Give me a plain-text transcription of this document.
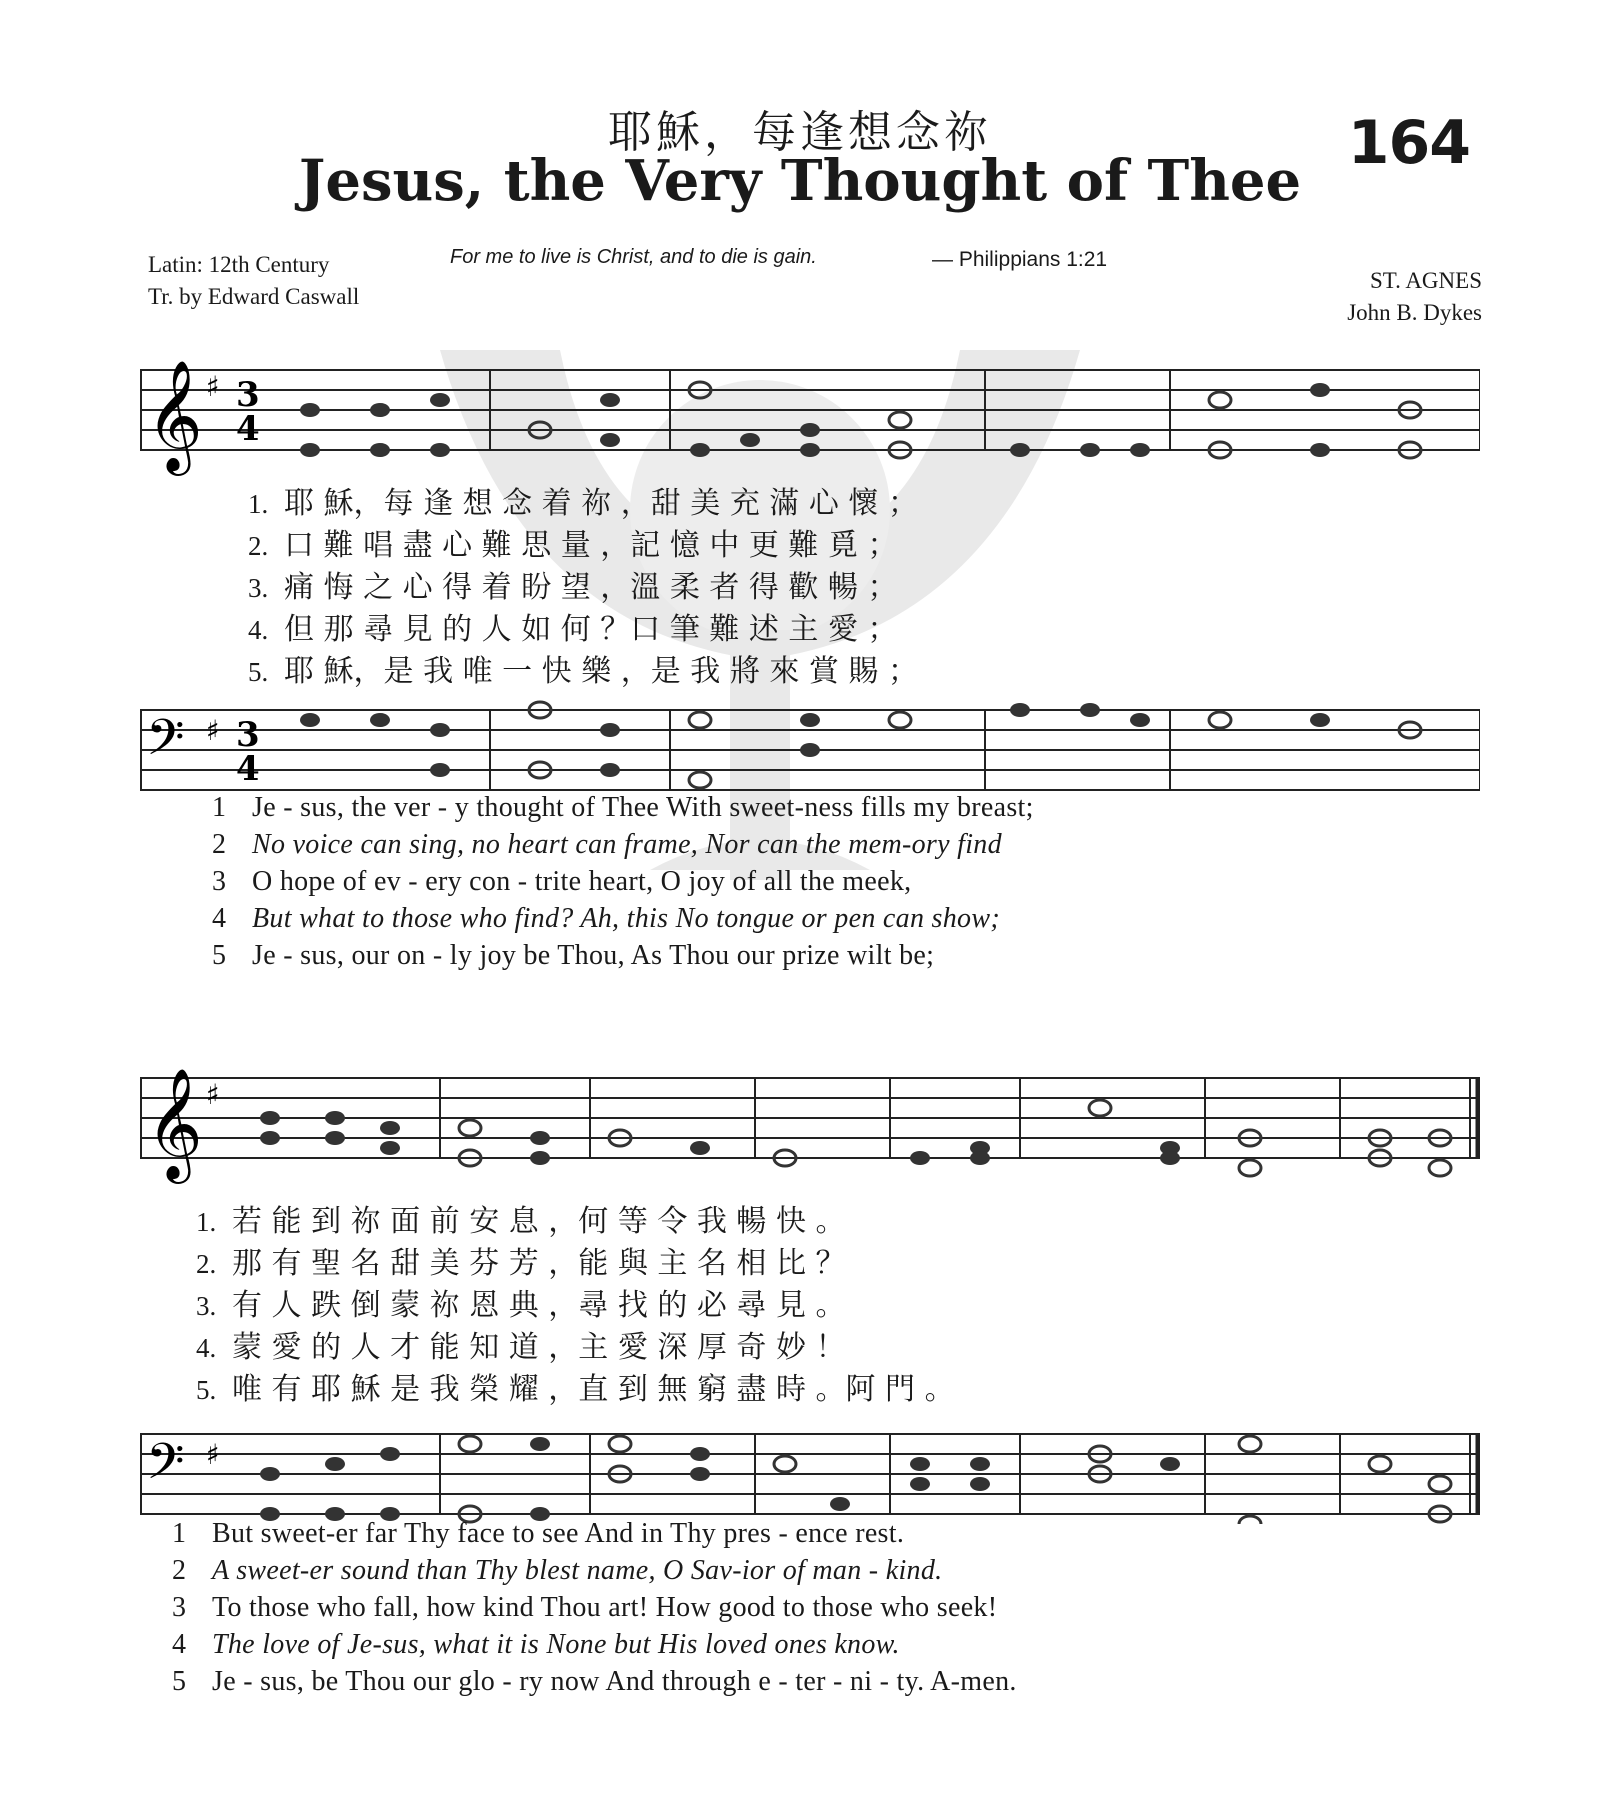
耶穌，每逢想念祢
Jesus, the Very Thought of Thee
164
Latin: 12th Century
Tr. by Edward Caswall
For me to live is Christ, and to die is gain.	— Philippians 1:21
ST. AGNES
John B. Dykes
𝄞 ♯ 3
4
1. 耶 穌，每 逢 想 念 着 祢 ，甜 美 充 滿 心 懷 ；
2. 口 難 唱 盡 心 難 思 量 ，記 憶 中 更 難 覓 ；
3. 痛 悔 之 心 得 着 盼 望 ，溫 柔 者 得 歡 暢 ；
4. 但 那 尋 見 的 人 如 何 ？口 筆 難 述 主 愛 ；
5. 耶 穌，是 我 唯 一 快 樂 ，是 我 將 來 賞 賜 ；
𝄢 ♯ 3
4
1 Je - sus, the ver - y thought of Thee With sweet-ness fills my breast;
2 No voice can sing, no heart can frame, Nor can the mem-ory find
3 O hope of ev - ery con - trite heart, O joy of all the meek,
4 But what to those who find? Ah, this No tongue or pen can show;
5 Je - sus, our on - ly joy be Thou, As Thou our prize wilt be;
𝄞 ♯
1. 若 能 到 祢 面 前 安 息 ，何 等 令 我 暢 快 。
2. 那 有 聖 名 甜 美 芬 芳 ，能 與 主 名 相 比 ？
3. 有 人 跌 倒 蒙 祢 恩 典 ，尋 找 的 必 尋 見 。
4. 蒙 愛 的 人 才 能 知 道 ，主 愛 深 厚 奇 妙 ！
5. 唯 有 耶 穌 是 我 榮 耀 ，直 到 無 窮 盡 時 。阿 門 。
𝄢 ♯
1 But sweet-er far Thy face to see And in Thy pres - ence rest.
2 A sweet-er sound than Thy blest name, O Sav-ior of man - kind.
3 To those who fall, how kind Thou art! How good to those who seek!
4 The love of Je-sus, what it is None but His loved ones know.
5 Je - sus, be Thou our glo - ry now And through e - ter - ni - ty. A-men.
